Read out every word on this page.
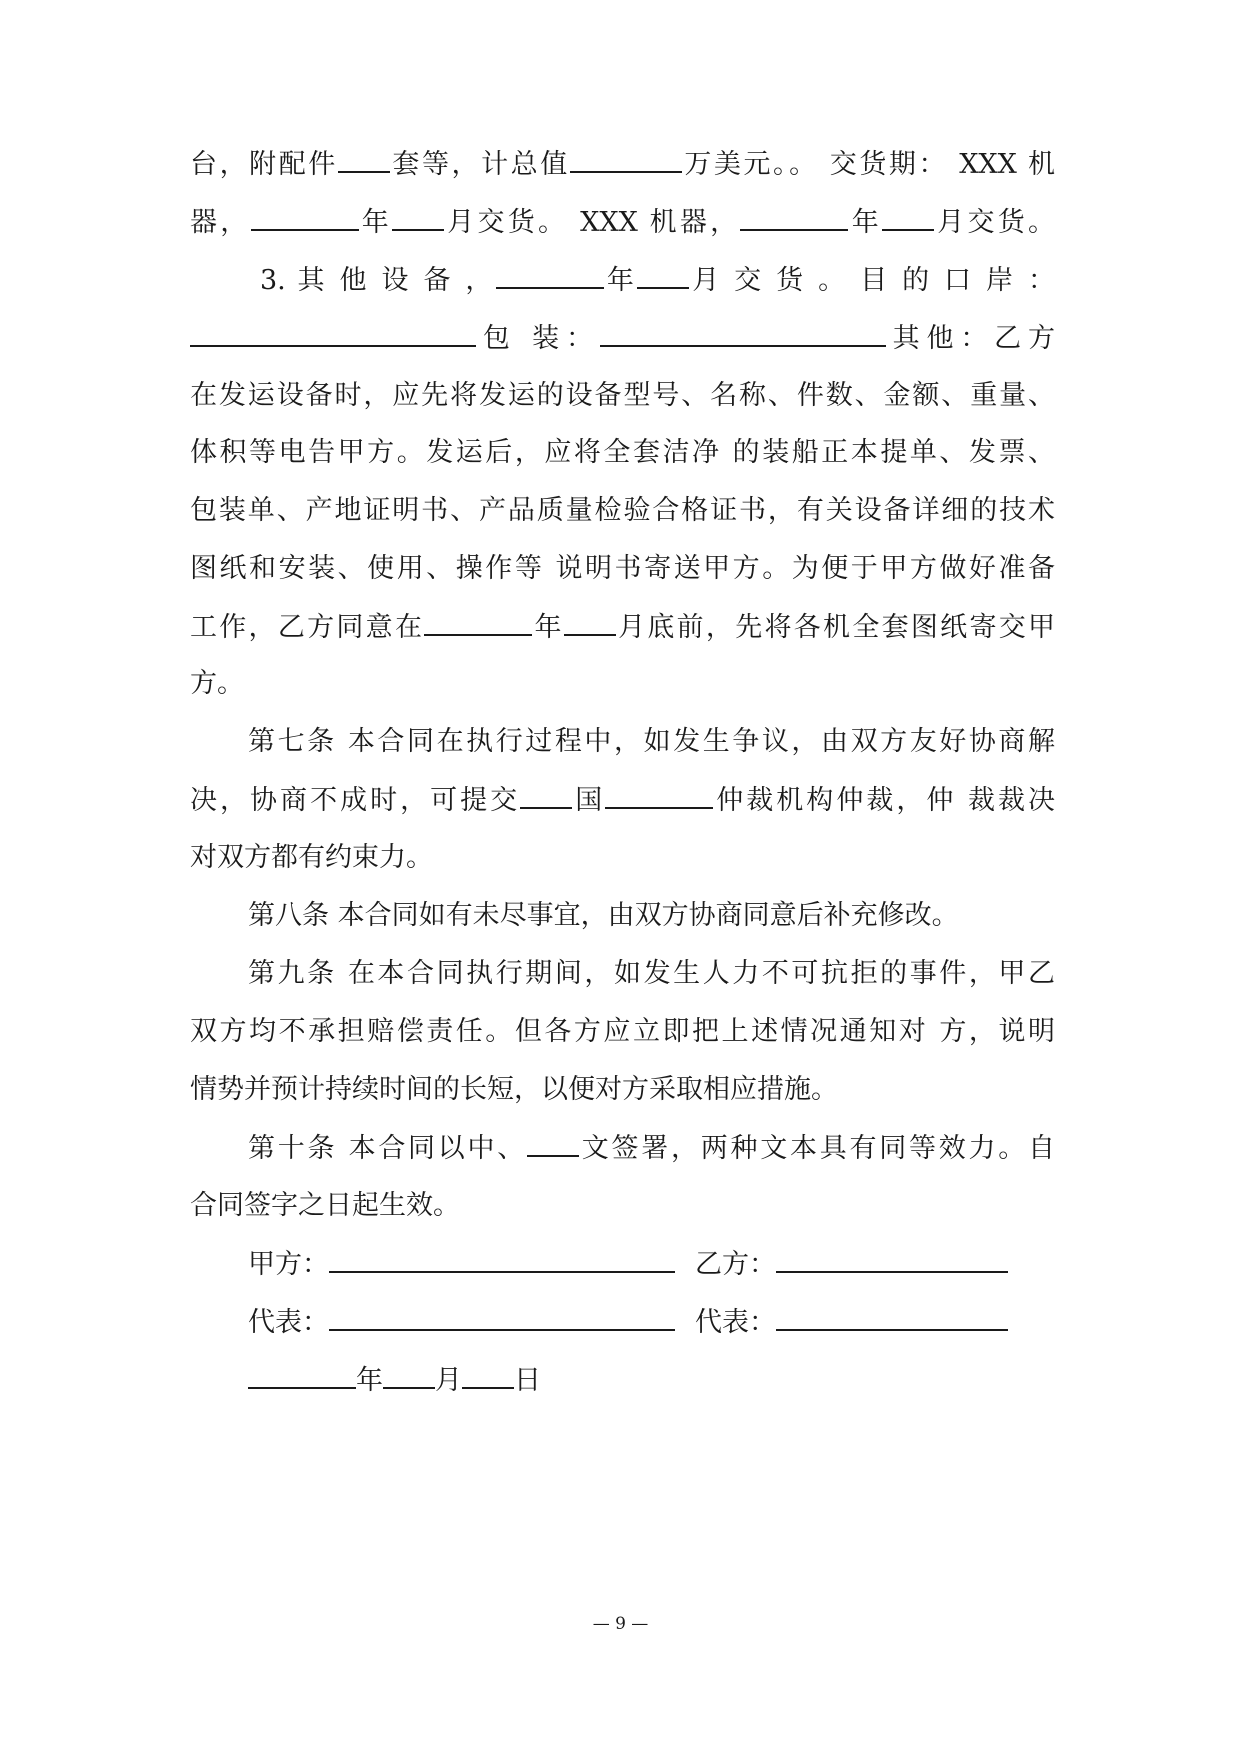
台，附配件 套等，计总值	万美元。。 交货期： XXX 机
器，	年 月交货。 XXX 机器，	年 月交货。
3. 其 他 设 备 ，	年 月 交 货 。 目 的 口 岸 ：
包 装：	其他：乙方
在发运设备时，应先将发运的设备型号、名称、件数、金额、重量、
体积等电告甲方。发运后，应将全套洁净 的装船正本提单、发票、
包装单、产地证明书、产品质量检验合格证书，有关设备详细的技术
图纸和安装、使用、操作等 说明书寄送甲方。为便于甲方做好准备
工作，乙方同意在	年 月底前，先将各机全套图纸寄交甲
方。
第七条 本合同在执行过程中，如发生争议，由双方友好协商解
决，协商不成时，可提交 国	仲裁机构仲裁，仲 裁裁决
对双方都有约束力。
第八条 本合同如有未尽事宜，由双方协商同意后补充修改。
第九条 在本合同执行期间，如发生人力不可抗拒的事件，甲乙
双方均不承担赔偿责任。但各方应立即把上述情况通知对 方，说明
情势并预计持续时间的长短，以便对方采取相应措施。
第十条 本合同以中、 文签署，两种文本具有同等效力。自
合同签字之日起生效。
甲方：	乙方：
代表：	代表：
年 月 日
— 9 —
